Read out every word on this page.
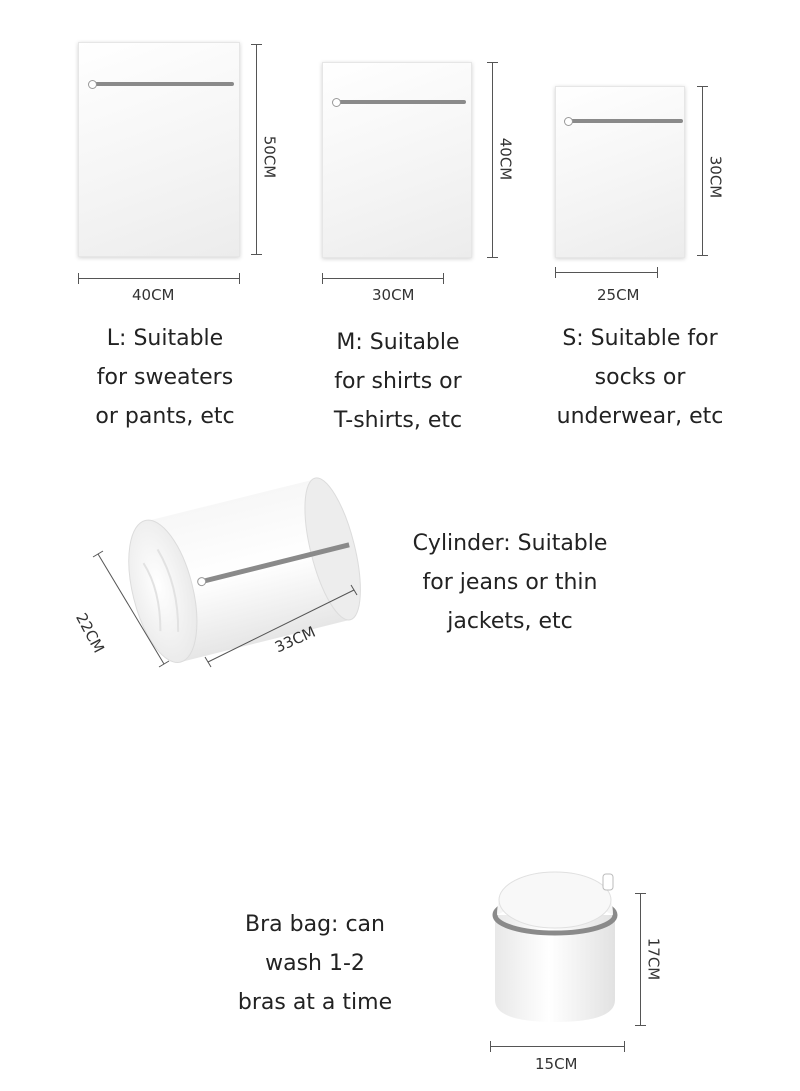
50CM
40CM
L: Suitable
for sweaters
or pants, etc
40CM
30CM
M: Suitable
for shirts or
T-shirts, etc
30CM
25CM
S: Suitable for
socks or
underwear, etc
22CM	33CM
Cylinder: Suitable
for jeans or thin
jackets, etc
Bra bag: can
wash 1-2
bras at a time
17CM
15CM
